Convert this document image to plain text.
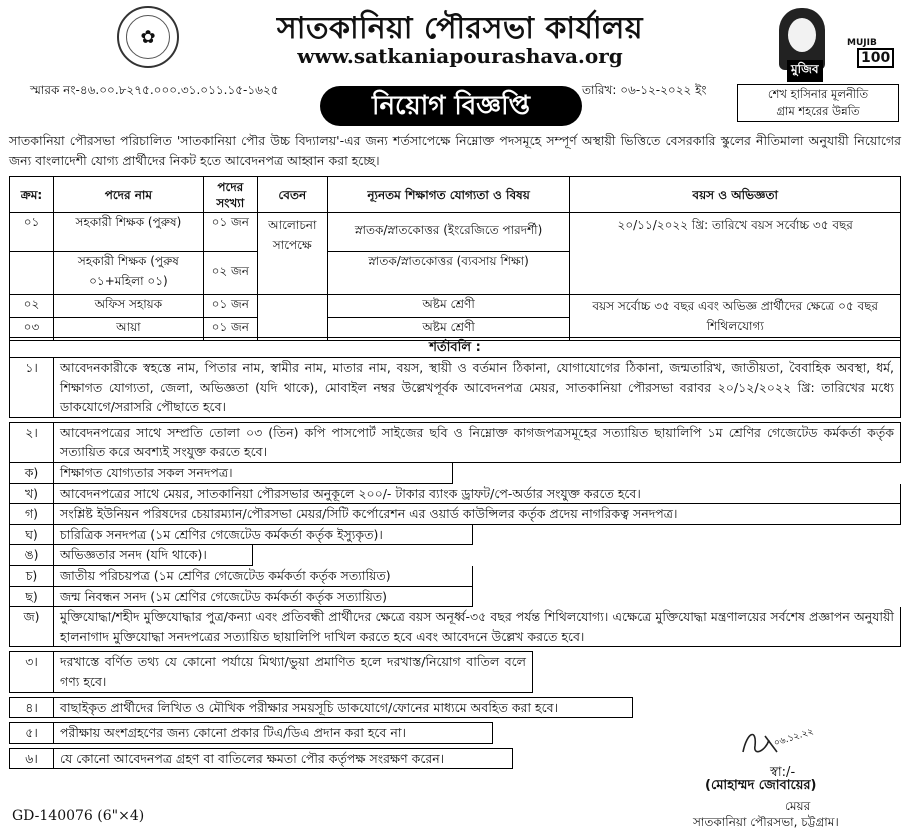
✿	সাতকানিয়া পৌরসভা কার্যালয়
www.satkaniapourashava.org
MUJIB
মুজিব
100
শেখ হাসিনার মূলনীতি
গ্রাম শহরের উন্নতি
স্মারক নং-৪৬.০০.৮২৭৫.০০০.৩১.০১১.১৫-১৬২৫	তারিখ: ০৬-১২-২০২২ ইং
নিয়োগ বিজ্ঞপ্তি
সাতকানিয়া পৌরসভা পরিচালিত 'সাতকানিয়া পৌর উচ্চ বিদ্যালয়'-এর জন্য শর্তসাপেক্ষে নিম্নোক্ত পদসমূহে সম্পূর্ণ অস্থায়ী ভিত্তিতে বেসরকারি স্কুলের নীতিমালা অনুযায়ী নিয়োগের জন্য বাংলাদেশী যোগ্য প্রার্থীদের নিকট হতে আবেদনপত্র আহ্বান করা হচ্ছে।
ক্রম:	পদের নাম	পদের সংখ্যা	বেতন	ন্যূনতম শিক্ষাগত যোগ্যতা ও বিষয়	বয়স ও অভিজ্ঞতা
০১	সহকারী শিক্ষক (পুরুষ)	০১ জন	আলোচনা সাপেক্ষে	স্নাতক/স্নাতকোত্তর (ইংরেজিতে পারদর্শী)	২০/১১/২০২২ খ্রি: তারিখে বয়স সর্বোচ্চ ৩৫ বছর
	সহকারী শিক্ষক (পুরুষ ০১+মহিলা ০১)	০২ জন		স্নাতক/স্নাতকোত্তর (ব্যবসায় শিক্ষা)	
০২	অফিস সহায়ক	০১ জন		অষ্টম শ্রেণী	বয়স সর্বোচ্চ ৩৫ বছর এবং অভিজ্ঞ প্রার্থীদের ক্ষেত্রে ০৫ বছর শিথিলযোগ্য
০৩	আয়া	০১ জন		অষ্টম শ্রেণী	
শর্তাবলি :
১।	আবেদনকারীকে স্বহস্তে নাম, পিতার নাম, স্বামীর নাম, মাতার নাম, বয়স, স্থায়ী ও বর্তমান ঠিকানা, যোগাযোগের ঠিকানা, জন্মতারিখ, জাতীয়তা, বৈবাহিক অবস্থা, ধর্ম, শিক্ষাগত যোগ্যতা, জেলা, অভিজ্ঞতা (যদি থাকে), মোবাইল নম্বর উল্লেখপূর্বক আবেদনপত্র মেয়র, সাতকানিয়া পৌরসভা বরাবর ২০/১২/২০২২ খ্রি: তারিখের মধ্যে ডাকযোগে/সরাসরি পৌছাতে হবে।
২।	আবেদনপত্রের সাথে সম্প্রতি তোলা ০৩ (তিন) কপি পাসপোর্ট সাইজের ছবি ও নিম্নোক্ত কাগজপত্রসমূহের সত্যায়িত ছায়ালিপি ১ম শ্রেণির গেজেটেড কর্মকর্তা কর্তৃক সত্যায়িত করে অবশ্যই সংযুক্ত করতে হবে।
ক)	শিক্ষাগত যোগ্যতার সকল সনদপত্র।
খ)	আবেদনপত্রের সাথে মেয়র, সাতকানিয়া পৌরসভার অনুকূলে ২০০/- টাকার ব্যাংক ড্রাফট/পে-অর্ডার সংযুক্ত করতে হবে।
গ)	সংশ্লিষ্ট ইউনিয়ন পরিষদের চেয়ারম্যান/পৌরসভা মেয়র/সিটি কর্পোরেশন এর ওয়ার্ড কাউন্সিলর কর্তৃক প্রদেয় নাগরিকত্ব সনদপত্র।
ঘ)	চারিত্রিক সনদপত্র (১ম শ্রেণির গেজেটেড কর্মকর্তা কর্তৃক ইস্যুকৃত)।
ঙ)	অভিজ্ঞতার সনদ (যদি থাকে)।
চ)	জাতীয় পরিচয়পত্র (১ম শ্রেণির গেজেটেড কর্মকর্তা কর্তৃক সত্যায়িত)
ছ)	জন্ম নিবন্ধন সনদ (১ম শ্রেণির গেজেটেড কর্মকর্তা কর্তৃক সত্যায়িত)
জ)	মুক্তিযোদ্ধা/শহীদ মুক্তিযোদ্ধার পুত্র/কন্যা এবং প্রতিবন্ধী প্রার্থীদের ক্ষেত্রে বয়স অনূর্ধ্ব-৩৫ বছর পর্যন্ত শিথিলযোগ্য। এক্ষেত্রে মুক্তিযোদ্ধা মন্ত্রণালয়ের সর্বশেষ প্রজ্ঞাপন অনুযায়ী হালনাগাদ মুক্তিযোদ্ধা সনদপত্রের সত্যায়িত ছায়ালিপি দাখিল করতে হবে এবং আবেদনে উল্লেখ করতে হবে।
৩।	দরখাস্তে বর্ণিত তথ্য যে কোনো পর্যায়ে মিথ্যা/ভুয়া প্রমাণিত হলে দরখাস্ত/নিয়োগ বাতিল বলে গণ্য হবে।
৪।	বাছাইকৃত প্রার্থীদের লিখিত ও মৌখিক পরীক্ষার সময়সূচি ডাকযোগে/ফোনের মাধ্যমে অবহিত করা হবে।
৫।	পরীক্ষায় অংশগ্রহণের জন্য কোনো প্রকার টিএ/ডিএ প্রদান করা হবে না।
৬।	যে কোনো আবেদনপত্র গ্রহণ বা বাতিলের ক্ষমতা পৌর কর্তৃপক্ষ সংরক্ষণ করেন।
০৬.১২.২২
স্বা:/-
(মোহাম্মদ জোবায়ের)
মেয়র
সাতকানিয়া পৌরসভা, চট্টগ্রাম।
GD-140076 (6"×4)
